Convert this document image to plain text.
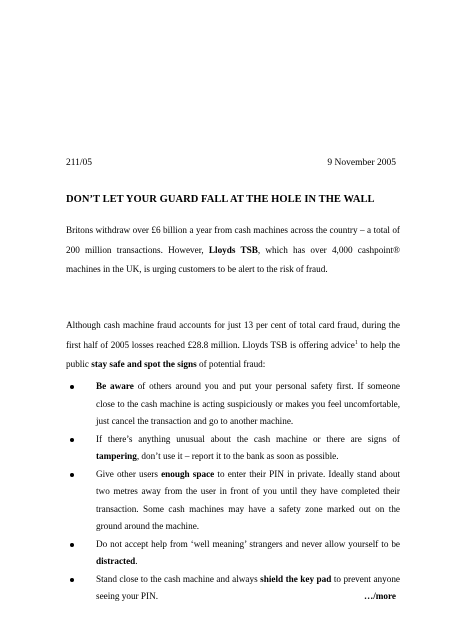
211/05	9 November 2005
DON’T LET YOUR GUARD FALL AT THE HOLE IN THE WALL

Britons withdraw over £6 billion a year from cash machines across the country – a total of 200 million transactions. However, Lloyds TSB, which has over 4,000 cashpoint® machines in the UK, is urging customers to be alert to the risk of fraud.

Although cash machine fraud accounts for just 13 per cent of total card fraud, during the first half of 2005 losses reached £28.8 million. Lloyds TSB is offering advice$^1$ to help the public stay safe and spot the signs of potential fraud:

Be aware of others around you and put your personal safety first. If someone close to the cash machine is acting suspiciously or makes you feel uncomfortable, just cancel the transaction and go to another machine.
If there’s anything unusual about the cash machine or there are signs of tampering, don’t use it – report it to the bank as soon as possible.
Give other users enough space to enter their PIN in private. Ideally stand about two metres away from the user in front of you until they have completed their transaction. Some cash machines may have a safety zone marked out on the ground around the machine.
Do not accept help from ‘well meaning’ strangers and never allow yourself to be distracted.
Stand close to the cash machine and always shield the key pad to prevent anyone seeing your PIN.	…/more
